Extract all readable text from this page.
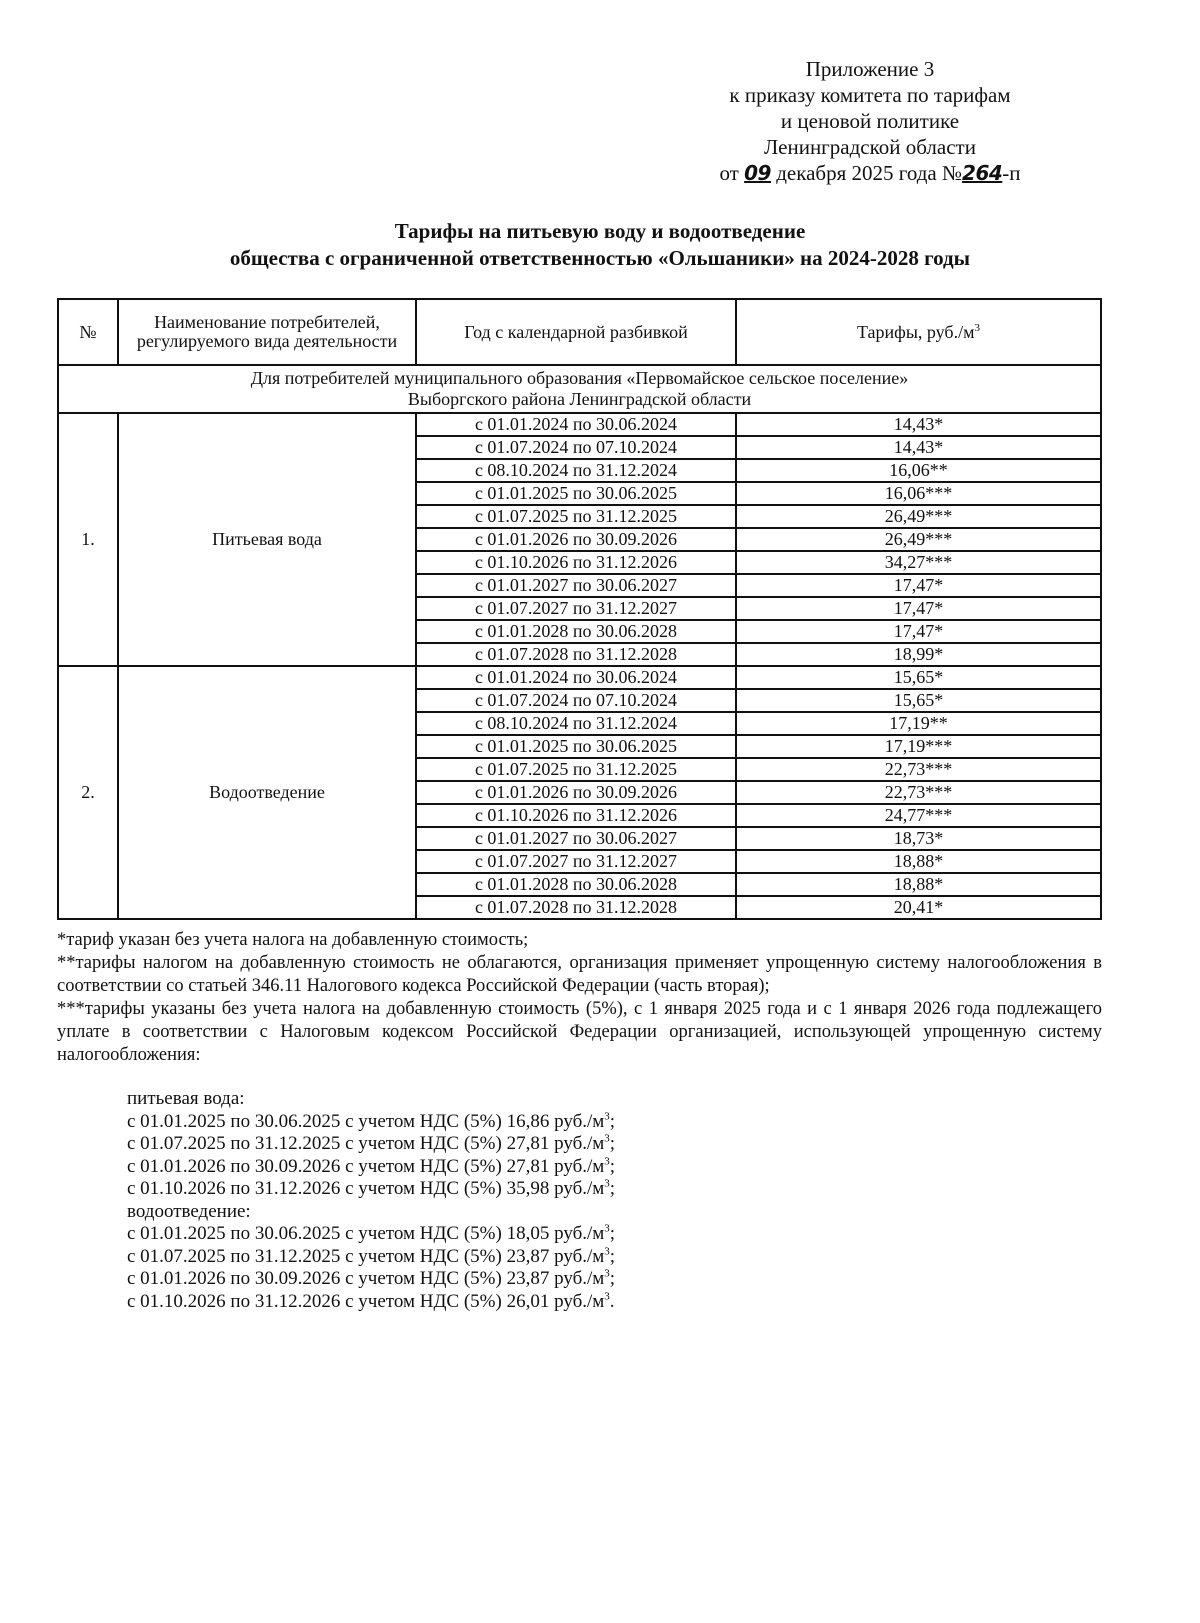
Приложение 3
к приказу комитета по тарифам
и ценовой политике
Ленинградской области
от 09 декабря 2025 года №264-п
Тарифы на питьевую воду и водоотведение
общества с ограниченной ответственностью «Ольшаники» на 2024-2028 годы
№	Наименование потребителей, регулируемого вида деятельности	Год с календарной разбивкой	Тарифы, $руб./м^3$

Для потребителей муниципального образования «Первомайское сельское поселение»
Выборгского района Ленинградской области			

1.	Питьевая вода	с 01.01.2024 по 30.06.2024	14,43*
		с 01.07.2024 по 07.10.2024	14,43*
		с 08.10.2024 по 31.12.2024	16,06**
		с 01.01.2025 по 30.06.2025	16,06***
		с 01.07.2025 по 31.12.2025	26,49***
		с 01.01.2026 по 30.09.2026	26,49***
		с 01.10.2026 по 31.12.2026	34,27***
		с 01.01.2027 по 30.06.2027	17,47*
		с 01.07.2027 по 31.12.2027	17,47*
		с 01.01.2028 по 30.06.2028	17,47*
		с 01.07.2028 по 31.12.2028	18,99*
2.	Водоотведение	с 01.01.2024 по 30.06.2024	15,65*
		с 01.07.2024 по 07.10.2024	15,65*
		с 08.10.2024 по 31.12.2024	17,19**
		с 01.01.2025 по 30.06.2025	17,19***
		с 01.07.2025 по 31.12.2025	22,73***
		с 01.01.2026 по 30.09.2026	22,73***
		с 01.10.2026 по 31.12.2026	24,77***
		с 01.01.2027 по 30.06.2027	18,73*
		с 01.07.2027 по 31.12.2027	18,88*
		с 01.01.2028 по 30.06.2028	18,88*
		с 01.07.2028 по 31.12.2028	20,41*

*тариф указан без учета налога на добавленную стоимость;

**тарифы налогом на добавленную стоимость не облагаются, организация применяет упрощенную систему налогообложения в соответствии со статьей 346.11 Налогового кодекса Российской Федерации (часть вторая);

***тарифы указаны без учета налога на добавленную стоимость (5%), с 1 января 2025 года и с 1 января 2026 года подлежащего уплате в соответствии с Налоговым кодексом Российской Федерации организацией, использующей упрощенную систему налогообложения:

питьевая вода:
с 01.01.2025 по 30.06.2025 с учетом НДС (5%) 16,86 $руб./м^3$;
с 01.07.2025 по 31.12.2025 с учетом НДС (5%) 27,81 $руб./м^3$;
с 01.01.2026 по 30.09.2026 с учетом НДС (5%) 27,81 $руб./м^3$;
с 01.10.2026 по 31.12.2026 с учетом НДС (5%) 35,98 $руб./м^3$;
водоотведение:
с 01.01.2025 по 30.06.2025 с учетом НДС (5%) 18,05 $руб./м^3$;
с 01.07.2025 по 31.12.2025 с учетом НДС (5%) 23,87 $руб./м^3$;
с 01.01.2026 по 30.09.2026 с учетом НДС (5%) 23,87 $руб./м^3$;
с 01.10.2026 по 31.12.2026 с учетом НДС (5%) 26,01 $руб./м^3$.
